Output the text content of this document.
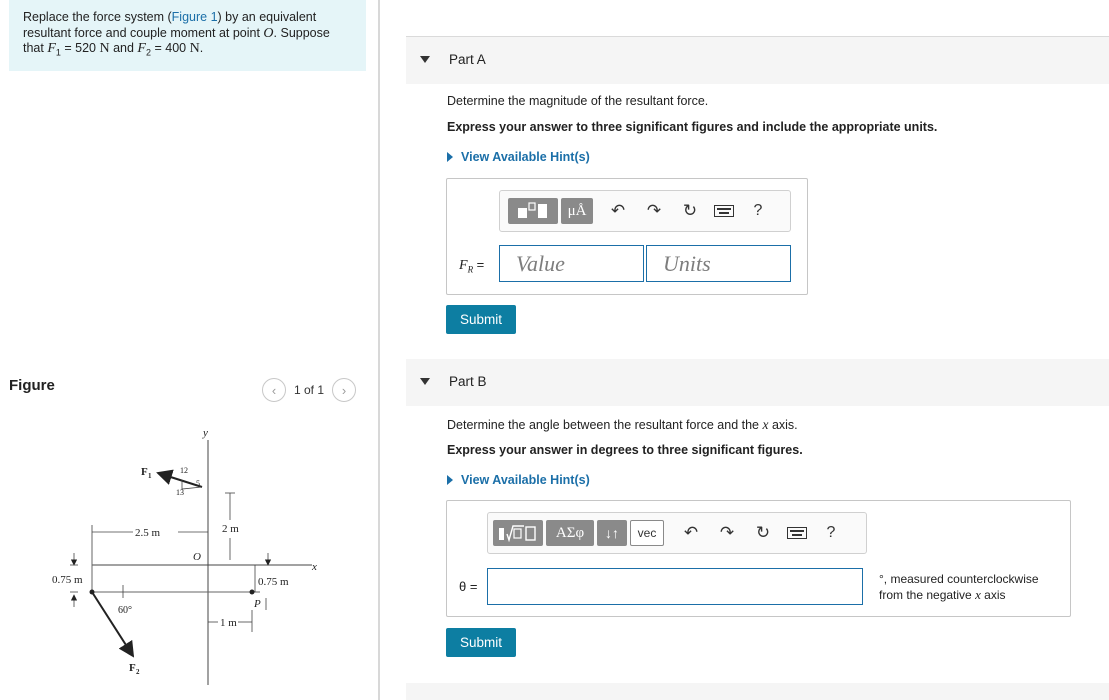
Replace the force system (Figure 1) by an equivalent resultant force and couple moment at point O. Suppose that $F_1 = 520$ N and $F_2 = 400$ N.
Figure	‹ 1 of 1 ›
y
x
O
2.5 m	2 m
F 1
12
5
13
0.75 m
60°
F 2
0.75 m
P
1 m
Part A
Determine the magnitude of the resultant force.
Express your answer to three significant figures and include the appropriate units.
View Available Hint(s)
μÅ	↶ ↷ ↻	?
$F_R$ =	Value	Units
Submit
Part B
Determine the angle between the resultant force and the x axis.
Express your answer in degrees to three significant figures.
View Available Hint(s)
ΑΣφ	↓↑	vec	↶ ↷ ↻	?
θ =	°, measured counterclockwise
from the negative x axis
Submit
